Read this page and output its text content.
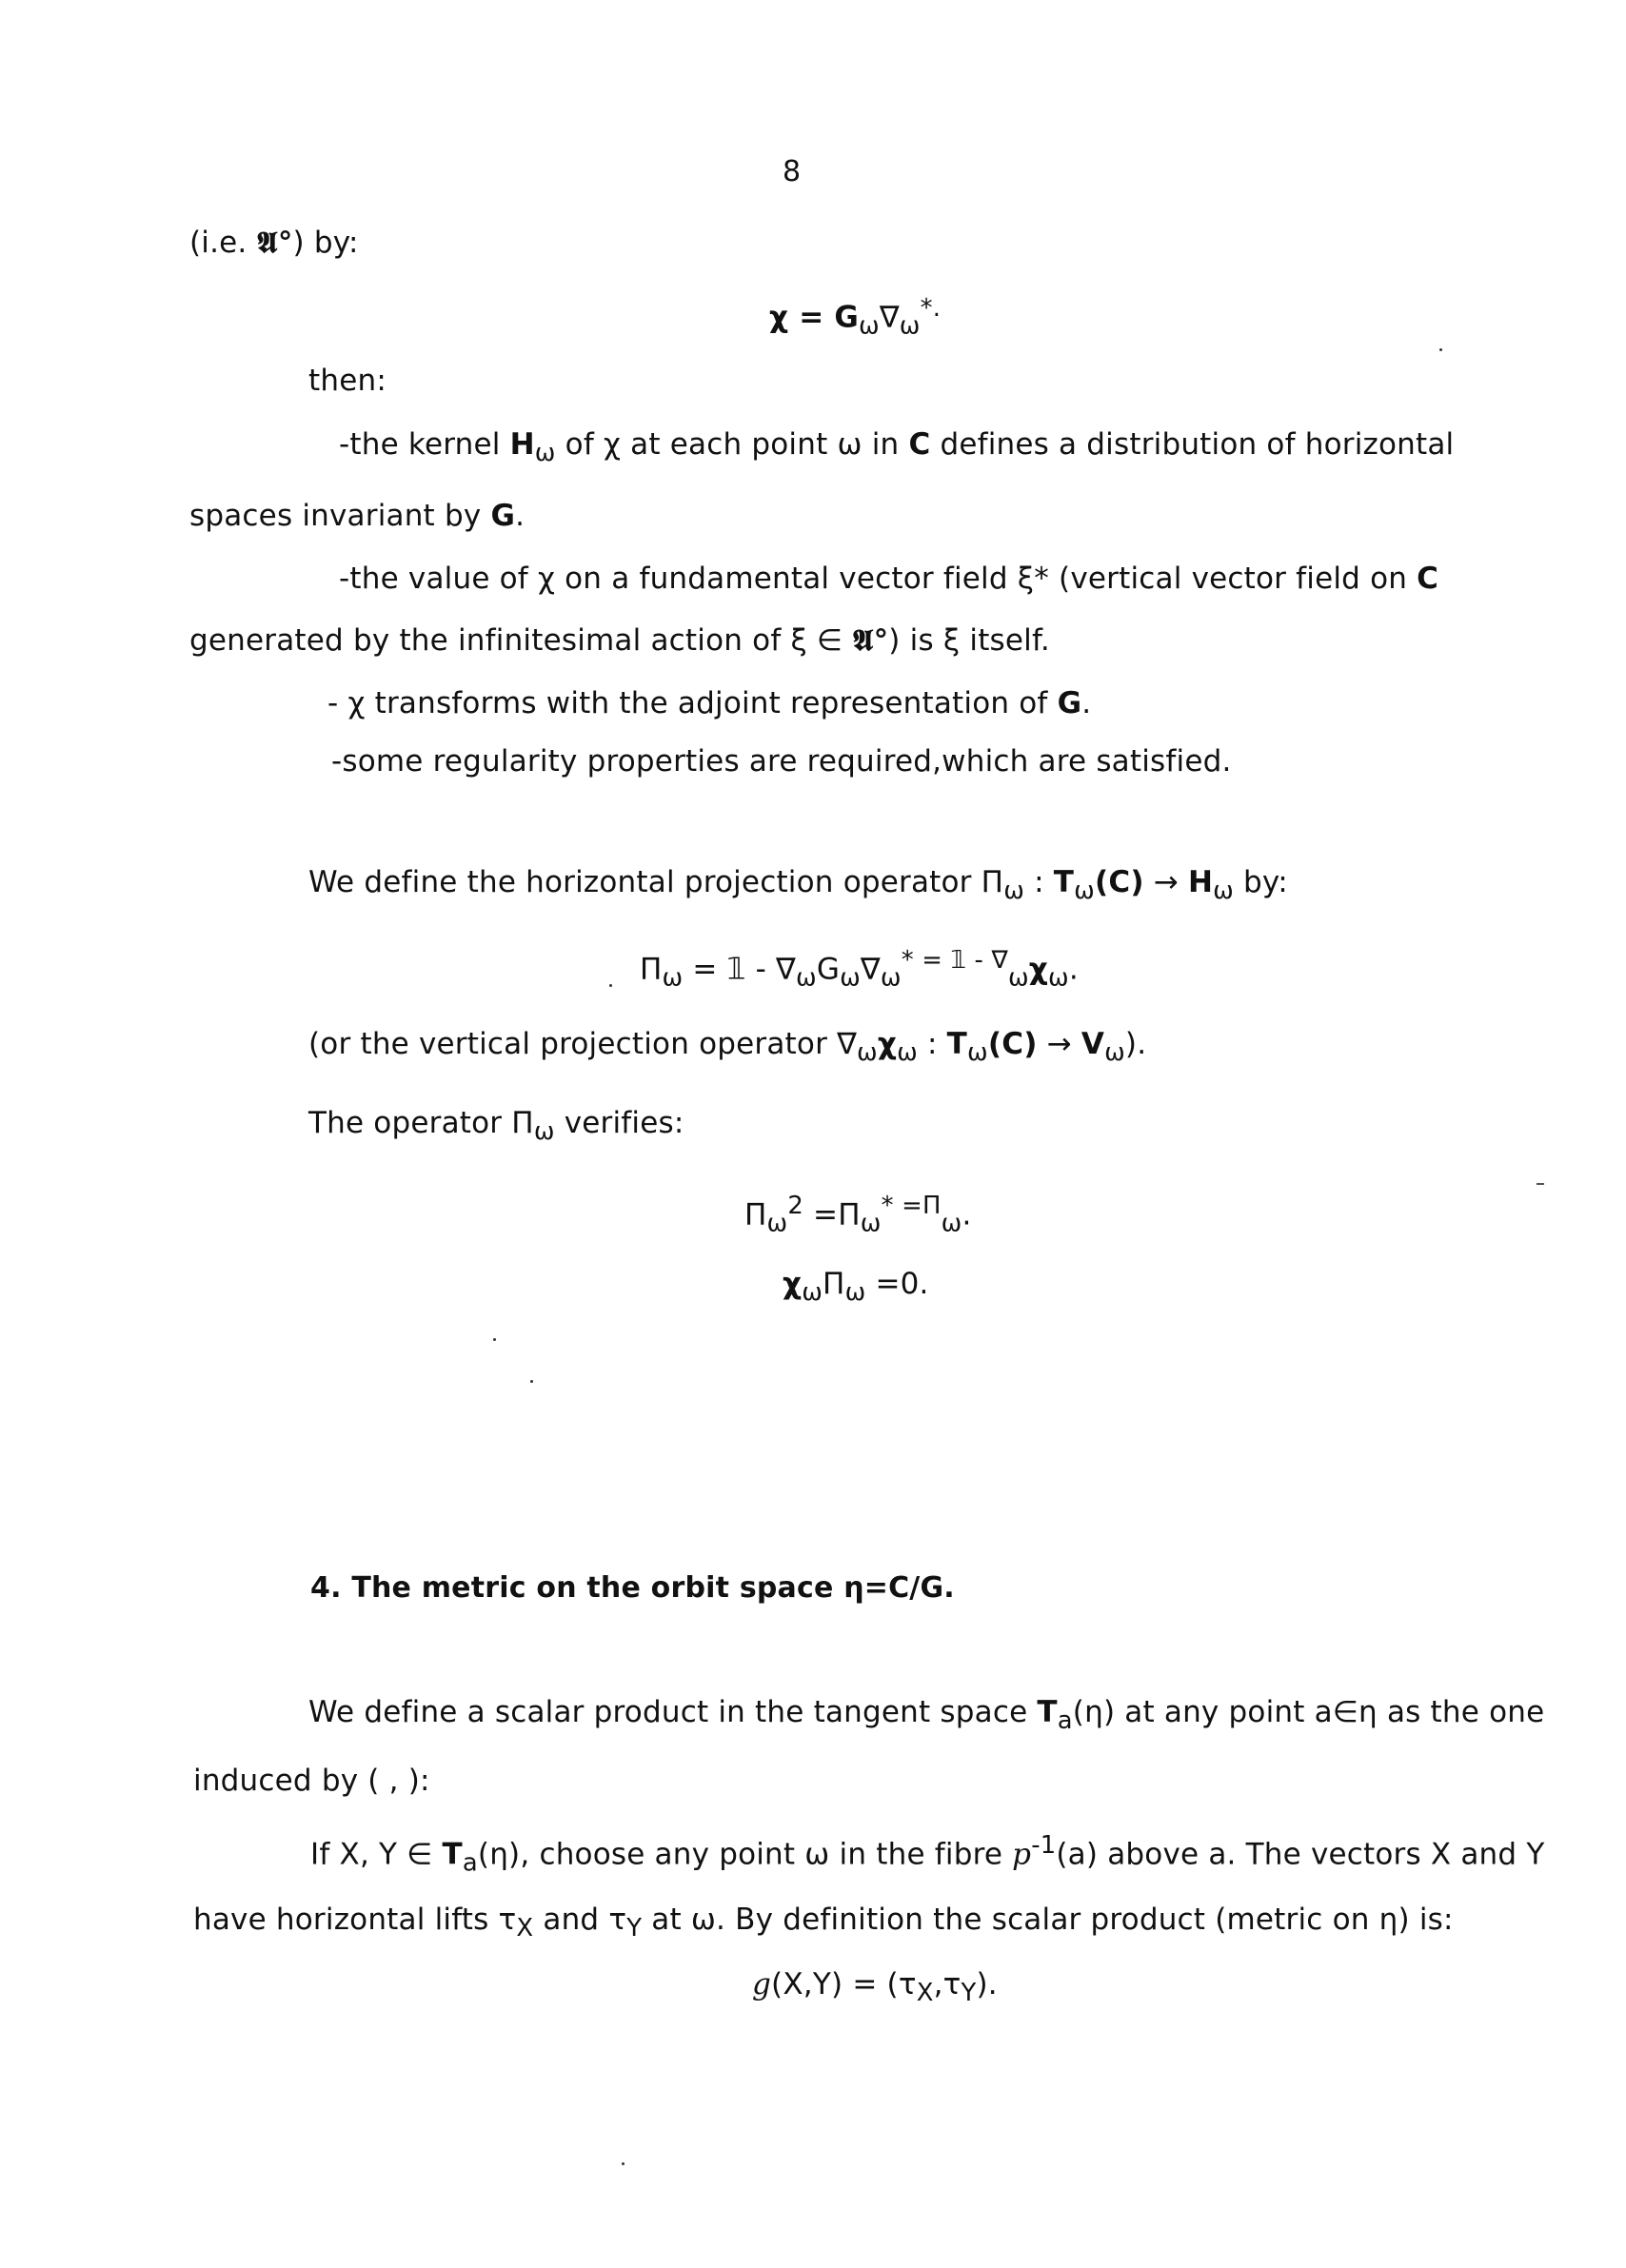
8
(i.e. 𝕬°) by:
$\chi = G_\omega\nabla_\omega^{*.}$
then:
-the kernel $H_\omega$ of χ at each point ω in C defines a distribution of horizontal
spaces invariant by G.
-the value of χ on a fundamental vector field ξ* (vertical vector field on C
generated by the infinitesimal action of ξ ∈ 𝕬°) is ξ itself.
- χ transforms with the adjoint representation of G.
-some regularity properties are required,which are satisfied.
We define the horizontal projection operator $\Pi_\omega$ : $T_\omega(C) \to H_\omega$ by:
$\Pi_\omega$ = 𝟙 - $\nabla_\omega G_\omega\nabla_\omega^{* = 𝟙 - \nabla}_\omega\chi_\omega$.
(or the vertical projection operator $\nabla_\omega\chi_\omega$ : $T_\omega(C) \to V_\omega$).
The operator $\Pi_\omega$ verifies:
$\Pi_\omega^2 =\Pi_\omega^{* =\Pi}_\omega$.
$\chi_\omega\Pi_\omega =0$.
4. The metric on the orbit space η=C/G.
We define a scalar product in the tangent space $T_a(\eta)$ at any point a∈η as the one
induced by ( , ):
If X, Y ∈ $T_a(\eta)$, choose any point ω in the fibre $p^{-1}(a)$ above a. The vectors X and Y
have horizontal lifts $\tau_X$ and $\tau_Y$ at ω. By definition the scalar product (metric on η) is:
$g(X,Y) = (\tau_X,\tau_Y)$.
